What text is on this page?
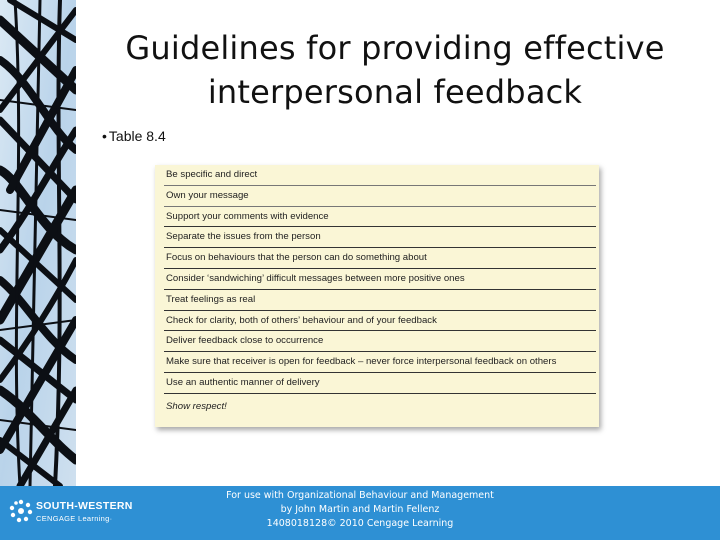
Guidelines for providing effective
interpersonal feedback
• Table 8.4
Be specific and direct
Own your message
Support your comments with evidence
Separate the issues from the person
Focus on behaviours that the person can do something about
Consider ‘sandwiching’ difficult messages between more positive ones
Treat feelings as real
Check for clarity, both of others’ behaviour and of your feedback
Deliver feedback close to occurrence
Make sure that receiver is open for feedback – never force interpersonal feedback on others
Use an authentic manner of delivery
Show respect!
SOUTH-WESTERN
CENGAGE Learning·
For use with Organizational Behaviour and Management
by John Martin and Martin Fellenz
1408018128© 2010 Cengage Learning
